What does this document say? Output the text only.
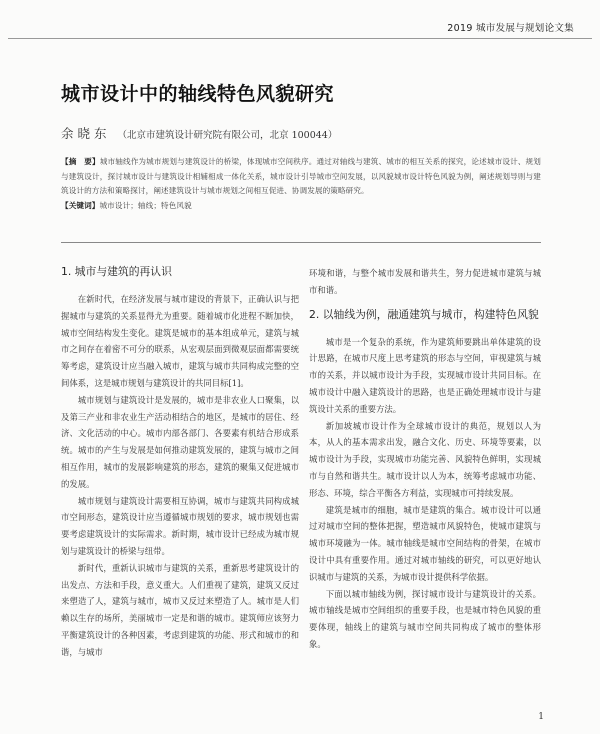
2019 城市发展与规划论文集
城市设计中的轴线特色风貌研究
余晓东 （北京市建筑设计研究院有限公司，北京 100044）
【摘　要】城市轴线作为城市规划与建筑设计的桥梁，体现城市空间秩序。通过对轴线与建筑、城市的相互关系的探究，论述城市设计、规划与建筑设计，探讨城市设计与建筑设计相辅相成一体化关系，城市设计引导城市空间发展，以风貌城市设计特色风貌为例，阐述规划导则与建筑设计的方法和策略探讨，阐述建筑设计与城市规划之间相互促进、协调发展的策略研究。
【关键词】城市设计；轴线；特色风貌
1. 城市与建筑的再认识

在新时代，在经济发展与城市建设的背景下，正确认识与把握城市与建筑的关系显得尤为重要。随着城市化进程不断加快，城市空间结构发生变化。建筑是城市的基本组成单元，建筑与城市之间存在着密不可分的联系，从宏观层面到微观层面都需要统筹考虑，建筑设计应当融入城市，建筑与城市共同构成完整的空间体系，这是城市规划与建筑设计的共同目标[1]。

城市规划与建筑设计是发展的，城市是非农业人口聚集，以及第三产业和非农业生产活动相结合的地区，是城市的居住、经济、文化活动的中心。城市内部各部门、各要素有机结合形成系统。城市的产生与发展是如何推动建筑发展的，建筑与城市之间相互作用，城市的发展影响建筑的形态，建筑的聚集又促进城市的发展。

城市规划与建筑设计需要相互协调，城市与建筑共同构成城市空间形态，建筑设计应当遵循城市规划的要求，城市规划也需要考虑建筑设计的实际需求。新时期，城市设计已经成为城市规划与建筑设计的桥梁与纽带。

新时代，重新认识城市与建筑的关系，重新思考建筑设计的出发点、方法和手段，意义重大。人们重视了建筑，建筑又反过来塑造了人，建筑与城市，城市又反过来塑造了人。城市是人们赖以生存的场所，美丽城市一定是和谐的城市。建筑师应该努力平衡建筑设计的各种因素，考虑到建筑的功能、形式和城市的和谐，与城市

环境和谐，与整个城市发展和谐共生，努力促进城市建筑与城市和谐。

2. 以轴线为例，融通建筑与城市，构建特色风貌

城市是一个复杂的系统，作为建筑师要跳出单体建筑的设计思路，在城市尺度上思考建筑的形态与空间，审视建筑与城市的关系，并以城市设计为手段，实现城市设计共同目标。在城市设计中融入建筑设计的思路，也是正确处理城市设计与建筑设计关系的重要方法。

新加坡城市设计作为全球城市设计的典范，规划以人为本，从人的基本需求出发，融合文化、历史、环境等要素，以城市设计为手段，实现城市功能完善、风貌特色鲜明，实现城市与自然和谐共生。城市设计以人为本，统筹考虑城市功能、形态、环境，综合平衡各方利益，实现城市可持续发展。

建筑是城市的细胞，城市是建筑的集合。城市设计可以通过对城市空间的整体把握，塑造城市风貌特色，使城市建筑与城市环境融为一体。城市轴线是城市空间结构的骨架，在城市设计中具有重要作用。通过对城市轴线的研究，可以更好地认识城市与建筑的关系，为城市设计提供科学依据。

下面以城市轴线为例，探讨城市设计与建筑设计的关系。城市轴线是城市空间组织的重要手段，也是城市特色风貌的重要体现，轴线上的建筑与城市空间共同构成了城市的整体形象。

1
